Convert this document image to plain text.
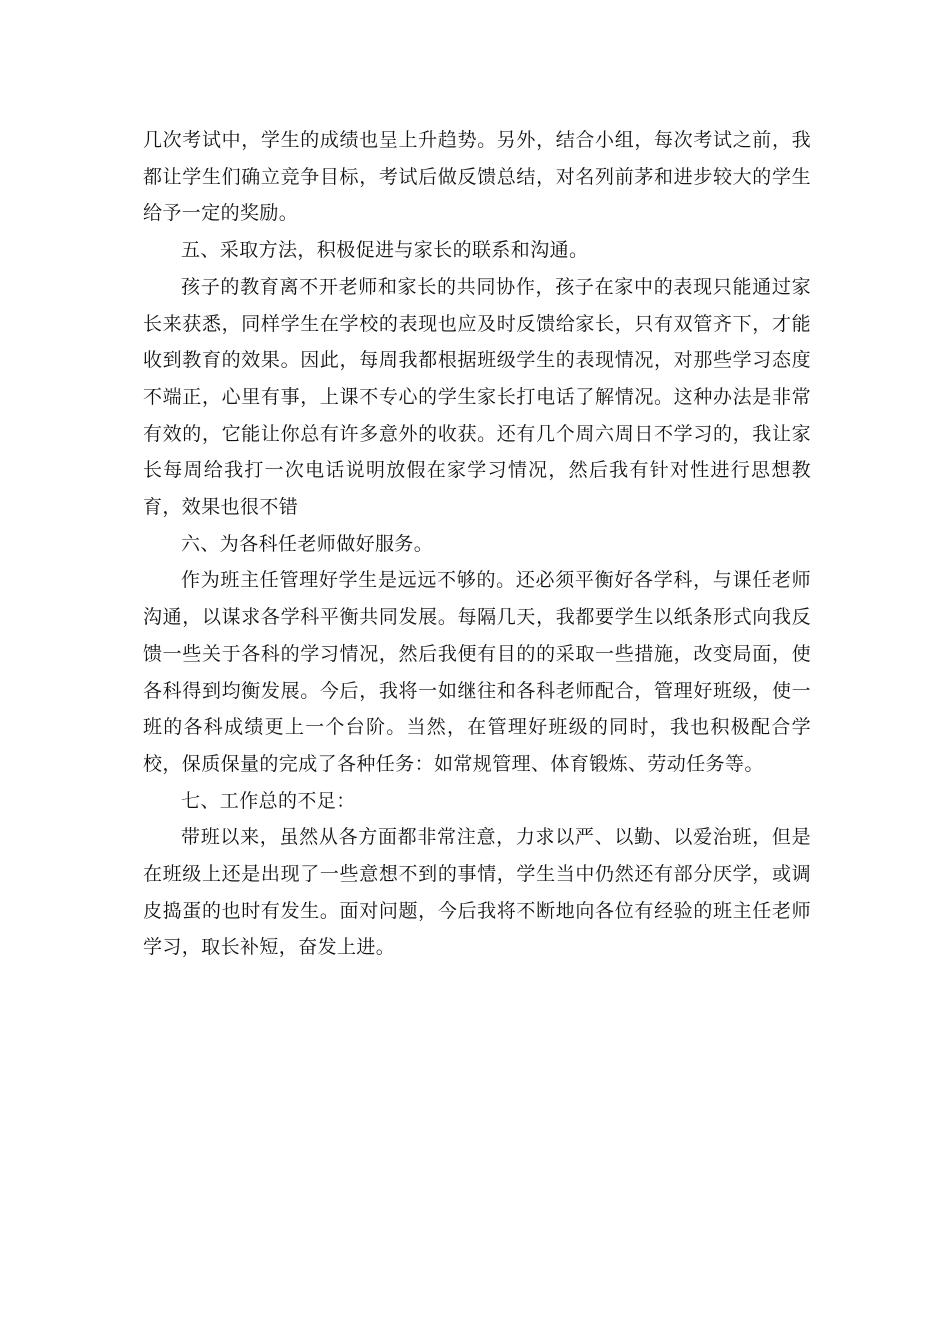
几次考试中，学生的成绩也呈上升趋势。另外，结合小组，每次考试之前，我都让学生们确立竞争目标，考试后做反馈总结，对名列前茅和进步较大的学生给予一定的奖励。

五、采取方法，积极促进与家长的联系和沟通。

孩子的教育离不开老师和家长的共同协作，孩子在家中的表现只能通过家长来获悉，同样学生在学校的表现也应及时反馈给家长，只有双管齐下，才能收到教育的效果。因此，每周我都根据班级学生的表现情况，对那些学习态度不端正，心里有事，上课不专心的学生家长打电话了解情况。这种办法是非常有效的，它能让你总有许多意外的收获。还有几个周六周日不学习的，我让家长每周给我打一次电话说明放假在家学习情况，然后我有针对性进行思想教育，效果也很不错

六、为各科任老师做好服务。

作为班主任管理好学生是远远不够的。还必须平衡好各学科，与课任老师沟通，以谋求各学科平衡共同发展。每隔几天，我都要学生以纸条形式向我反馈一些关于各科的学习情况，然后我便有目的的采取一些措施，改变局面，使各科得到均衡发展。今后，我将一如继往和各科老师配合，管理好班级，使一班的各科成绩更上一个台阶。当然，在管理好班级的同时，我也积极配合学校，保质保量的完成了各种任务：如常规管理、体育锻炼、劳动任务等。

七、工作总的不足：

带班以来，虽然从各方面都非常注意，力求以严、以勤、以爱治班，但是在班级上还是出现了一些意想不到的事情，学生当中仍然还有部分厌学，或调皮捣蛋的也时有发生。面对问题，今后我将不断地向各位有经验的班主任老师学习，取长补短，奋发上进。
